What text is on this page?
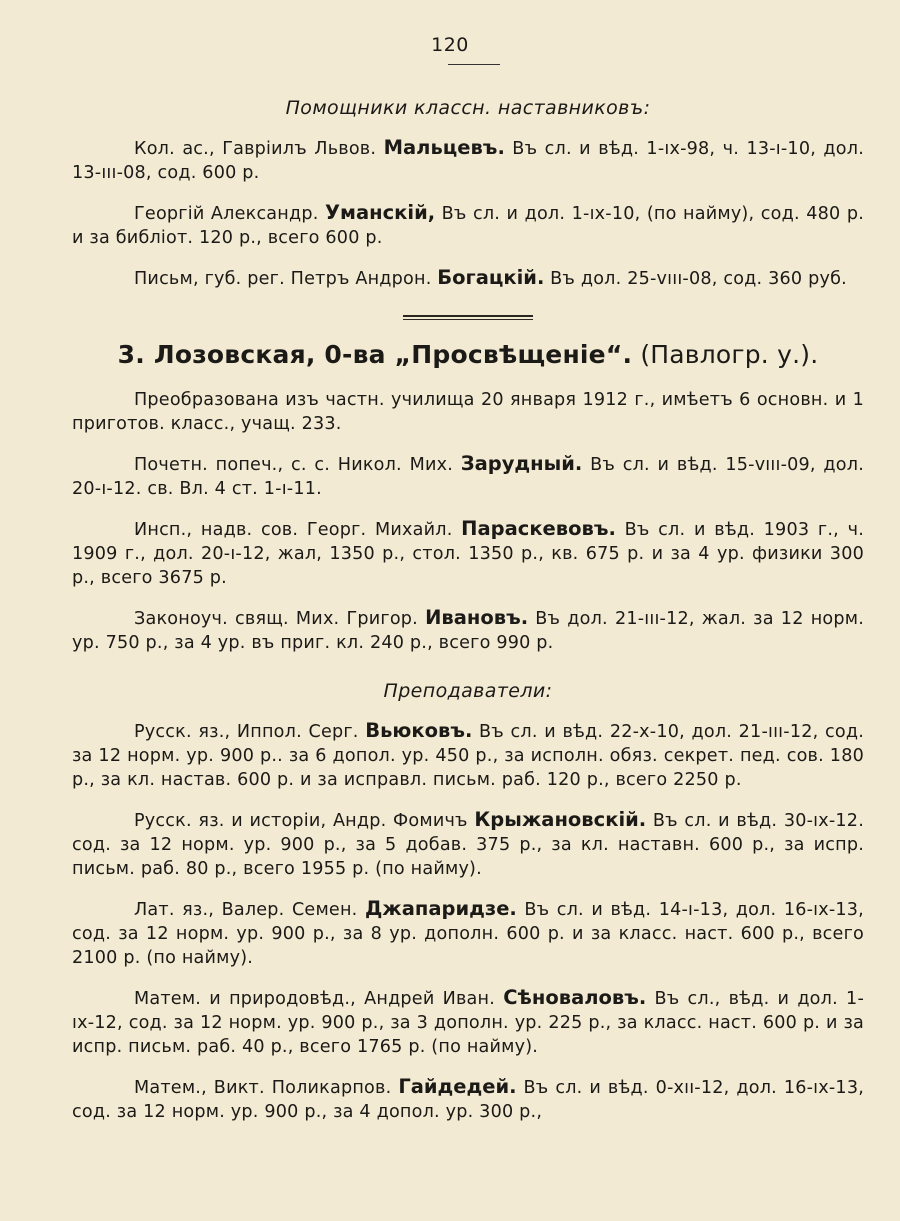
120
Помощники классн. наставниковъ:

Кол. ас., Гавріилъ Львов. Мальцевъ. Въ сл. и вѣд. 1-ıх-98, ч. 13-ı-10, дол. 13-ııı-08, сод. 600 р.

Георгій Александр. Уманскій, Въ сл. и дол. 1-ıх-10, (по найму), сод. 480 р. и за библіот. 120 р., всего 600 р.

Письм, губ. рег. Петръ Андрон. Богацкій. Въ дол. 25-vııı-08, сод. 360 руб.

3. Лозовская, 0-ва „Просвѣщеніе“. (Павлогр. у.).

Преобразована изъ частн. училища 20 января 1912 г., имѣетъ 6 основн. и 1 приготов. класс., учащ. 233.

Почетн. попеч., с. с. Никол. Мих. Зарудный. Въ сл. и вѣд. 15-vııı-09, дол. 20-ı-12. св. Вл. 4 ст. 1-ı-11.

Инсп., надв. сов. Георг. Михайл. Параскевовъ. Въ сл. и вѣд. 1903 г., ч. 1909 г., дол. 20-ı-12, жал, 1350 р., стол. 1350 р., кв. 675 р. и за 4 ур. физики 300 р., всего 3675 р.

Законоуч. свящ. Мих. Григор. Ивановъ. Въ дол. 21-ııı-12, жал. за 12 норм. ур. 750 р., за 4 ур. въ приг. кл. 240 р., всего 990 р.

Преподаватели:

Русск. яз., Иппол. Серг. Вьюковъ. Въ сл. и вѣд. 22-х-10, дол. 21-ııı-12, сод. за 12 норм. ур. 900 р.. за 6 допол. ур. 450 р., за исполн. обяз. секрет. пед. сов. 180 р., за кл. настав. 600 р. и за исправл. письм. раб. 120 р., всего 2250 р.

Русск. яз. и исторіи, Андр. Фомичъ Крыжановскій. Въ сл. и вѣд. 30-ıх-12. сод. за 12 норм. ур. 900 р., за 5 добав. 375 р., за кл. наставн. 600 р., за испр. письм. раб. 80 р., всего 1955 р. (по найму).

Лат. яз., Валер. Семен. Джапаридзе. Въ сл. и вѣд. 14-ı-13, дол. 16-ıх-13, сод. за 12 норм. ур. 900 р., за 8 ур. дополн. 600 р. и за класс. наст. 600 р., всего 2100 р. (по найму).

Матем. и природовѣд., Андрей Иван. Сѣноваловъ. Въ сл., вѣд. и дол. 1-ıх-12, сод. за 12 норм. ур. 900 р., за 3 дополн. ур. 225 р., за класс. наст. 600 р. и за испр. письм. раб. 40 р., всего 1765 р. (по найму).

Матем., Викт. Поликарпов. Гайдедей. Въ сл. и вѣд. 0-хıı-12, дол. 16-ıх-13, сод. за 12 норм. ур. 900 р., за 4 допол. ур. 300 р.,
